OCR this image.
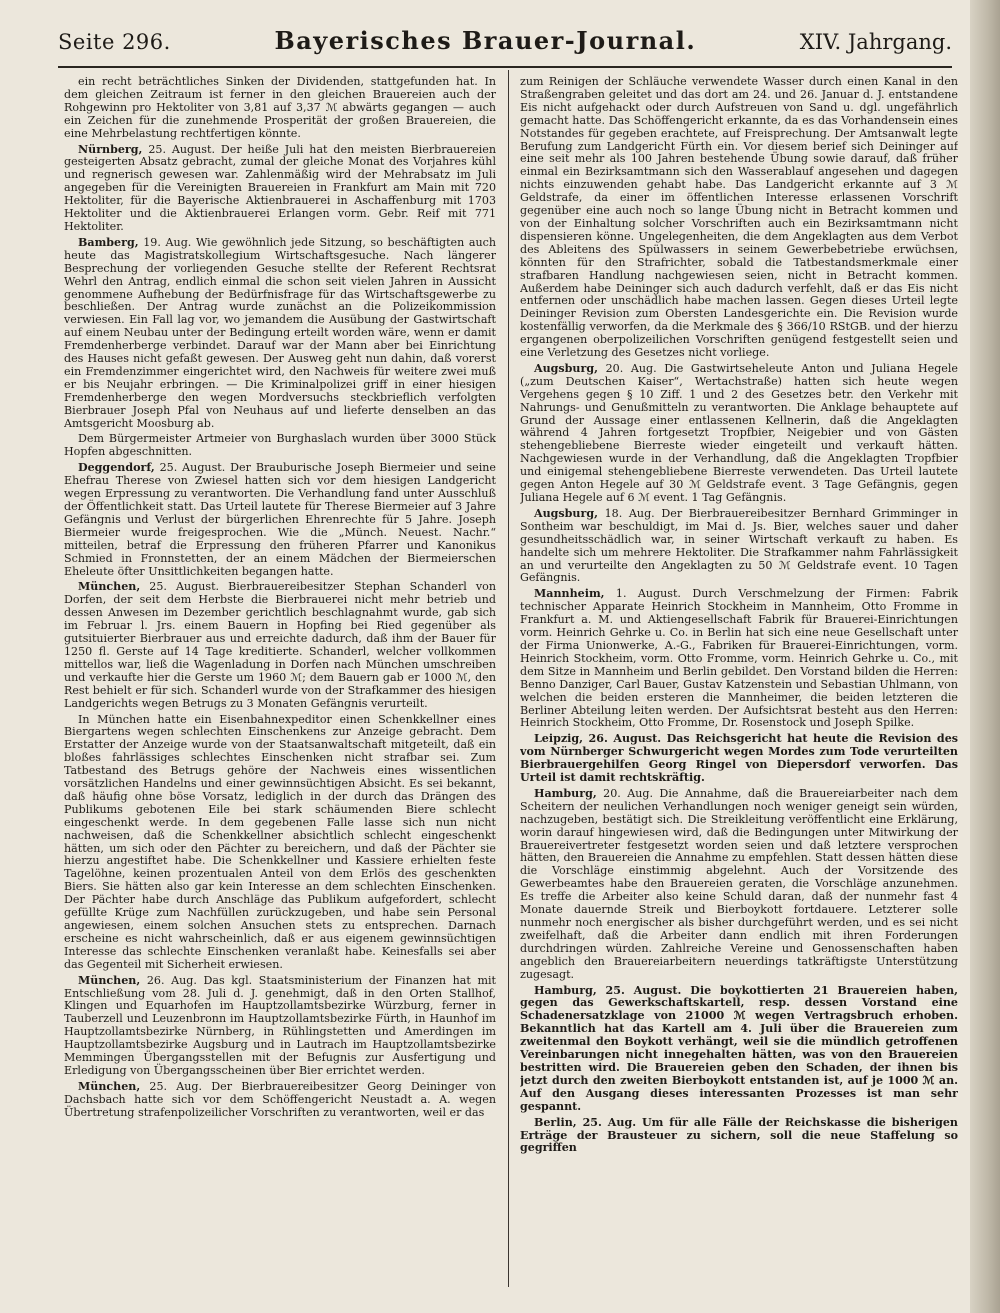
Seite 296.	Bayerisches Brauer-Journal.	XIV. Jahrgang.

ein recht beträchtliches Sinken der Dividenden, stattgefunden hat. In dem gleichen Zeitraum ist ferner in den gleichen Brauereien auch der Rohgewinn pro Hektoliter von 3,81 auf 3,37 ℳ abwärts gegangen — auch ein Zeichen für die zunehmende Prosperität der großen Brauereien, die eine Mehrbelastung rechtfertigen könnte.

Nürnberg, 25. August. Der heiße Juli hat den meisten Bierbrauereien gesteigerten Absatz gebracht, zumal der gleiche Monat des Vorjahres kühl und regnerisch gewesen war. Zahlenmäßig wird der Mehrabsatz im Juli angegeben für die Vereinigten Brauereien in Frankfurt am Main mit 720 Hektoliter, für die Bayerische Aktienbrauerei in Aschaffenburg mit 1703 Hektoliter und die Aktienbrauerei Erlangen vorm. Gebr. Reif mit 771 Hektoliter.

Bamberg, 19. Aug. Wie gewöhnlich jede Sitzung, so beschäftigten auch heute das Magistratskollegium Wirtschaftsgesuche. Nach längerer Besprechung der vorliegenden Gesuche stellte der Referent Rechtsrat Wehrl den Antrag, endlich einmal die schon seit vielen Jahren in Aussicht genommene Aufhebung der Bedürfnisfrage für das Wirtschaftsgewerbe zu beschließen. Der Antrag wurde zunächst an die Polizeikommission verwiesen. Ein Fall lag vor, wo jemandem die Ausübung der Gastwirtschaft auf einem Neubau unter der Bedingung erteilt worden wäre, wenn er damit Fremdenherberge verbindet. Darauf war der Mann aber bei Einrichtung des Hauses nicht gefaßt gewesen. Der Ausweg geht nun dahin, daß vorerst ein Fremdenzimmer eingerichtet wird, den Nachweis für weitere zwei muß er bis Neujahr erbringen. — Die Kriminalpolizei griff in einer hiesigen Fremdenherberge den wegen Mordversuchs steckbrieflich verfolgten Bierbrauer Joseph Pfal von Neuhaus auf und lieferte denselben an das Amtsgericht Moosburg ab.

Dem Bürgermeister Artmeier von Burghaslach wurden über 3000 Stück Hopfen abgeschnitten.

Deggendorf, 25. August. Der Brauburische Joseph Biermeier und seine Ehefrau Therese von Zwiesel hatten sich vor dem hiesigen Landgericht wegen Erpressung zu verantworten. Die Verhandlung fand unter Ausschluß der Öffentlichkeit statt. Das Urteil lautete für Therese Biermeier auf 3 Jahre Gefängnis und Verlust der bürgerlichen Ehrenrechte für 5 Jahre. Joseph Biermeier wurde freigesprochen. Wie die „Münch. Neuest. Nachr.“ mitteilen, betraf die Erpressung den früheren Pfarrer und Kanonikus Schmied in Fronnstetten, der an einem Mädchen der Biermeierschen Eheleute öfter Unsittlichkeiten begangen hatte.

München, 25. August. Bierbrauereibesitzer Stephan Schanderl von Dorfen, der seit dem Herbste die Bierbrauerei nicht mehr betrieb und dessen Anwesen im Dezember gerichtlich beschlagnahmt wurde, gab sich im Februar l. Jrs. einem Bauern in Hopfing bei Ried gegenüber als gutsituierter Bierbrauer aus und erreichte dadurch, daß ihm der Bauer für 1250 fl. Gerste auf 14 Tage kreditierte. Schanderl, welcher vollkommen mittellos war, ließ die Wagenladung in Dorfen nach München umschreiben und verkaufte hier die Gerste um 1960 ℳ; dem Bauern gab er 1000 ℳ, den Rest behielt er für sich. Schanderl wurde von der Strafkammer des hiesigen Landgerichts wegen Betrugs zu 3 Monaten Gefängnis verurteilt.

In München hatte ein Eisenbahnexpeditor einen Schenkkellner eines Biergartens wegen schlechten Einschenkens zur Anzeige gebracht. Dem Erstatter der Anzeige wurde von der Staatsanwaltschaft mitgeteilt, daß ein bloßes fahrlässiges schlechtes Einschenken nicht strafbar sei. Zum Tatbestand des Betrugs gehöre der Nachweis eines wissentlichen vorsätzlichen Handelns und einer gewinnsüchtigen Absicht. Es sei bekannt, daß häufig ohne böse Vorsatz, lediglich in der durch das Drängen des Publikums gebotenen Eile bei stark schäumenden Biere schlecht eingeschenkt werde. In dem gegebenen Falle lasse sich nun nicht nachweisen, daß die Schenkkellner absichtlich schlecht eingeschenkt hätten, um sich oder den Pächter zu bereichern, und daß der Pächter sie hierzu angestiftet habe. Die Schenkkellner und Kassiere erhielten feste Tagelöhne, keinen prozentualen Anteil von dem Erlös des geschenkten Biers. Sie hätten also gar kein Interesse an dem schlechten Einschenken. Der Pächter habe durch Anschläge das Publikum aufgefordert, schlecht gefüllte Krüge zum Nachfüllen zurückzugeben, und habe sein Personal angewiesen, einem solchen Ansuchen stets zu entsprechen. Darnach erscheine es nicht wahrscheinlich, daß er aus eigenem gewinnsüchtigen Interesse das schlechte Einschenken veranlaßt habe. Keinesfalls sei aber das Gegenteil mit Sicherheit erwiesen.

München, 26. Aug. Das kgl. Staatsministerium der Finanzen hat mit Entschließung vom 28. Juli d. J. genehmigt, daß in den Orten Stallhof, Klingen und Equarhofen im Hauptzollamtsbezirke Würzburg, ferner in Tauberzell und Leuzenbronn im Hauptzollamtsbezirke Fürth, in Haunhof im Hauptzollamtsbezirke Nürnberg, in Rühlingstetten und Amerdingen im Hauptzollamtsbezirke Augsburg und in Lautrach im Hauptzollamtsbezirke Memmingen Übergangsstellen mit der Befugnis zur Ausfertigung und Erledigung von Übergangsscheinen über Bier errichtet werden.

München, 25. Aug. Der Bierbrauereibesitzer Georg Deininger von Dachsbach hatte sich vor dem Schöffengericht Neustadt a. A. wegen Übertretung strafenpolizeilicher Vorschriften zu verantworten, weil er das

zum Reinigen der Schläuche verwendete Wasser durch einen Kanal in den Straßengraben geleitet und das dort am 24. und 26. Januar d. J. entstandene Eis nicht aufgehackt oder durch Aufstreuen von Sand u. dgl. ungefährlich gemacht hatte. Das Schöffengericht erkannte, da es das Vorhandensein eines Notstandes für gegeben erachtete, auf Freisprechung. Der Amtsanwalt legte Berufung zum Landgericht Fürth ein. Vor diesem berief sich Deininger auf eine seit mehr als 100 Jahren bestehende Übung sowie darauf, daß früher einmal ein Bezirksamtmann sich den Wasserablauf angesehen und dagegen nichts einzuwenden gehabt habe. Das Landgericht erkannte auf 3 ℳ Geldstrafe, da einer im öffentlichen Interesse erlassenen Vorschrift gegenüber eine auch noch so lange Übung nicht in Betracht kommen und von der Einhaltung solcher Vorschriften auch ein Bezirksamtmann nicht dispensieren könne. Ungelegenheiten, die dem Angeklagten aus dem Verbot des Ableitens des Spülwassers in seinem Gewerbebetriebe erwüchsen, könnten für den Strafrichter, sobald die Tatbestandsmerkmale einer strafbaren Handlung nachgewiesen seien, nicht in Betracht kommen. Außerdem habe Deininger sich auch dadurch verfehlt, daß er das Eis nicht entfernen oder unschädlich habe machen lassen. Gegen dieses Urteil legte Deininger Revision zum Obersten Landesgerichte ein. Die Revision wurde kostenfällig verworfen, da die Merkmale des § 366/10 RStGB. und der hierzu ergangenen oberpolizeilichen Vorschriften genügend festgestellt seien und eine Verletzung des Gesetzes nicht vorliege.

Augsburg, 20. Aug. Die Gastwirtseheleute Anton und Juliana Hegele („zum Deutschen Kaiser“, Wertachstraße) hatten sich heute wegen Vergehens gegen § 10 Ziff. 1 und 2 des Gesetzes betr. den Verkehr mit Nahrungs- und Genußmitteln zu verantworten. Die Anklage behauptete auf Grund der Aussage einer entlassenen Kellnerin, daß die Angeklagten während 4 Jahren fortgesetzt Tropfbier, Neigebier und von Gästen stehengebliebene Bierreste wieder eingeteilt und verkauft hätten. Nachgewiesen wurde in der Verhandlung, daß die Angeklagten Tropfbier und einigemal stehengebliebene Bierreste verwendeten. Das Urteil lautete gegen Anton Hegele auf 30 ℳ Geldstrafe event. 3 Tage Gefängnis, gegen Juliana Hegele auf 6 ℳ event. 1 Tag Gefängnis.

Augsburg, 18. Aug. Der Bierbrauereibesitzer Bernhard Grimminger in Sontheim war beschuldigt, im Mai d. Js. Bier, welches sauer und daher gesundheitsschädlich war, in seiner Wirtschaft verkauft zu haben. Es handelte sich um mehrere Hektoliter. Die Strafkammer nahm Fahrlässigkeit an und verurteilte den Angeklagten zu 50 ℳ Geldstrafe event. 10 Tagen Gefängnis.

Mannheim, 1. August. Durch Verschmelzung der Firmen: Fabrik technischer Apparate Heinrich Stockheim in Mannheim, Otto Fromme in Frankfurt a. M. und Aktiengesellschaft Fabrik für Brauerei-Einrichtungen vorm. Heinrich Gehrke u. Co. in Berlin hat sich eine neue Gesellschaft unter der Firma Unionwerke, A.-G., Fabriken für Brauerei-Einrichtungen, vorm. Heinrich Stockheim, vorm. Otto Fromme, vorm. Heinrich Gehrke u. Co., mit dem Sitze in Mannheim und Berlin gebildet. Den Vorstand bilden die Herren: Benno Danziger, Carl Bauer, Gustav Katzenstein und Sebastian Uhlmann, von welchen die beiden ersteren die Mannheimer, die beiden letzteren die Berliner Abteilung leiten werden. Der Aufsichtsrat besteht aus den Herren: Heinrich Stockheim, Otto Fromme, Dr. Rosenstock und Joseph Spilke.

Leipzig, 26. August. Das Reichsgericht hat heute die Revision des vom Nürnberger Schwurgericht wegen Mordes zum Tode verurteilten Bierbrauergehilfen Georg Ringel von Diepersdorf verworfen. Das Urteil ist damit rechtskräftig.

Hamburg, 20. Aug. Die Annahme, daß die Brauereiarbeiter nach dem Scheitern der neulichen Verhandlungen noch weniger geneigt sein würden, nachzugeben, bestätigt sich. Die Streikleitung veröffentlicht eine Erklärung, worin darauf hingewiesen wird, daß die Bedingungen unter Mitwirkung der Brauereivertreter festgesetzt worden seien und daß letztere versprochen hätten, den Brauereien die Annahme zu empfehlen. Statt dessen hätten diese die Vorschläge einstimmig abgelehnt. Auch der Vorsitzende des Gewerbeamtes habe den Brauereien geraten, die Vorschläge anzunehmen. Es treffe die Arbeiter also keine Schuld daran, daß der nunmehr fast 4 Monate dauernde Streik und Bierboykott fortdauere. Letzterer solle nunmehr noch energischer als bisher durchgeführt werden, und es sei nicht zweifelhaft, daß die Arbeiter dann endlich mit ihren Forderungen durchdringen würden. Zahlreiche Vereine und Genossenschaften haben angeblich den Brauereiarbeitern neuerdings tatkräftigste Unterstützung zugesagt.

Hamburg, 25. August. Die boykottierten 21 Brauereien haben, gegen das Gewerkschaftskartell, resp. dessen Vorstand eine Schadenersatzklage von 21000 ℳ wegen Vertragsbruch erhoben. Bekanntlich hat das Kartell am 4. Juli über die Brauereien zum zweitenmal den Boykott verhängt, weil sie die mündlich getroffenen Vereinbarungen nicht innegehalten hätten, was von den Brauereien bestritten wird. Die Brauereien geben den Schaden, der ihnen bis jetzt durch den zweiten Bierboykott entstanden ist, auf je 1000 ℳ an. Auf den Ausgang dieses interessanten Prozesses ist man sehr gespannt.

Berlin, 25. Aug. Um für alle Fälle der Reichskasse die bisherigen Erträge der Brausteuer zu sichern, soll die neue Staffelung so gegriffen
